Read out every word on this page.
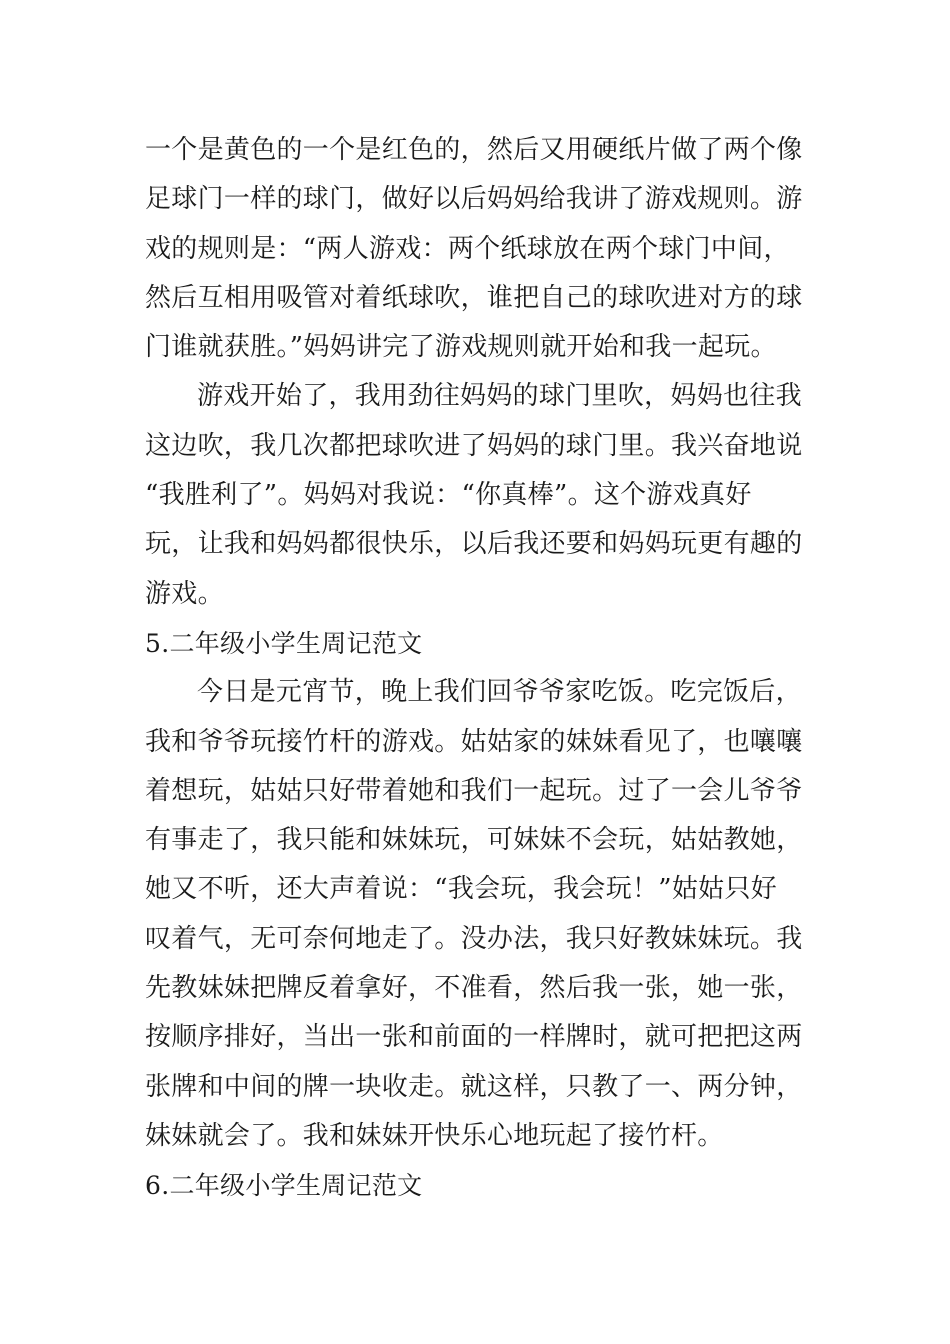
一个是黄色的一个是红色的，然后又用硬纸片做了两个像
足球门一样的球门，做好以后妈妈给我讲了游戏规则。游
戏的规则是：“两人游戏：两个纸球放在两个球门中间，
然后互相用吸管对着纸球吹，谁把自己的球吹进对方的球
门谁就获胜。”妈妈讲完了游戏规则就开始和我一起玩。
游戏开始了，我用劲往妈妈的球门里吹，妈妈也往我
这边吹，我几次都把球吹进了妈妈的球门里。我兴奋地说
“我胜利了”。妈妈对我说：“你真棒”。这个游戏真好
玩，让我和妈妈都很快乐，以后我还要和妈妈玩更有趣的
游戏。
5.二年级小学生周记范文
今日是元宵节，晚上我们回爷爷家吃饭。吃完饭后，
我和爷爷玩接竹杆的游戏。姑姑家的妹妹看见了，也嚷嚷
着想玩，姑姑只好带着她和我们一起玩。过了一会儿爷爷
有事走了，我只能和妹妹玩，可妹妹不会玩，姑姑教她，
她又不听，还大声着说：“我会玩，我会玩！”姑姑只好
叹着气，无可奈何地走了。没办法，我只好教妹妹玩。我
先教妹妹把牌反着拿好，不准看，然后我一张，她一张，
按顺序排好，当出一张和前面的一样牌时，就可把把这两
张牌和中间的牌一块收走。就这样，只教了一、两分钟，
妹妹就会了。我和妹妹开快乐心地玩起了接竹杆。
6.二年级小学生周记范文
